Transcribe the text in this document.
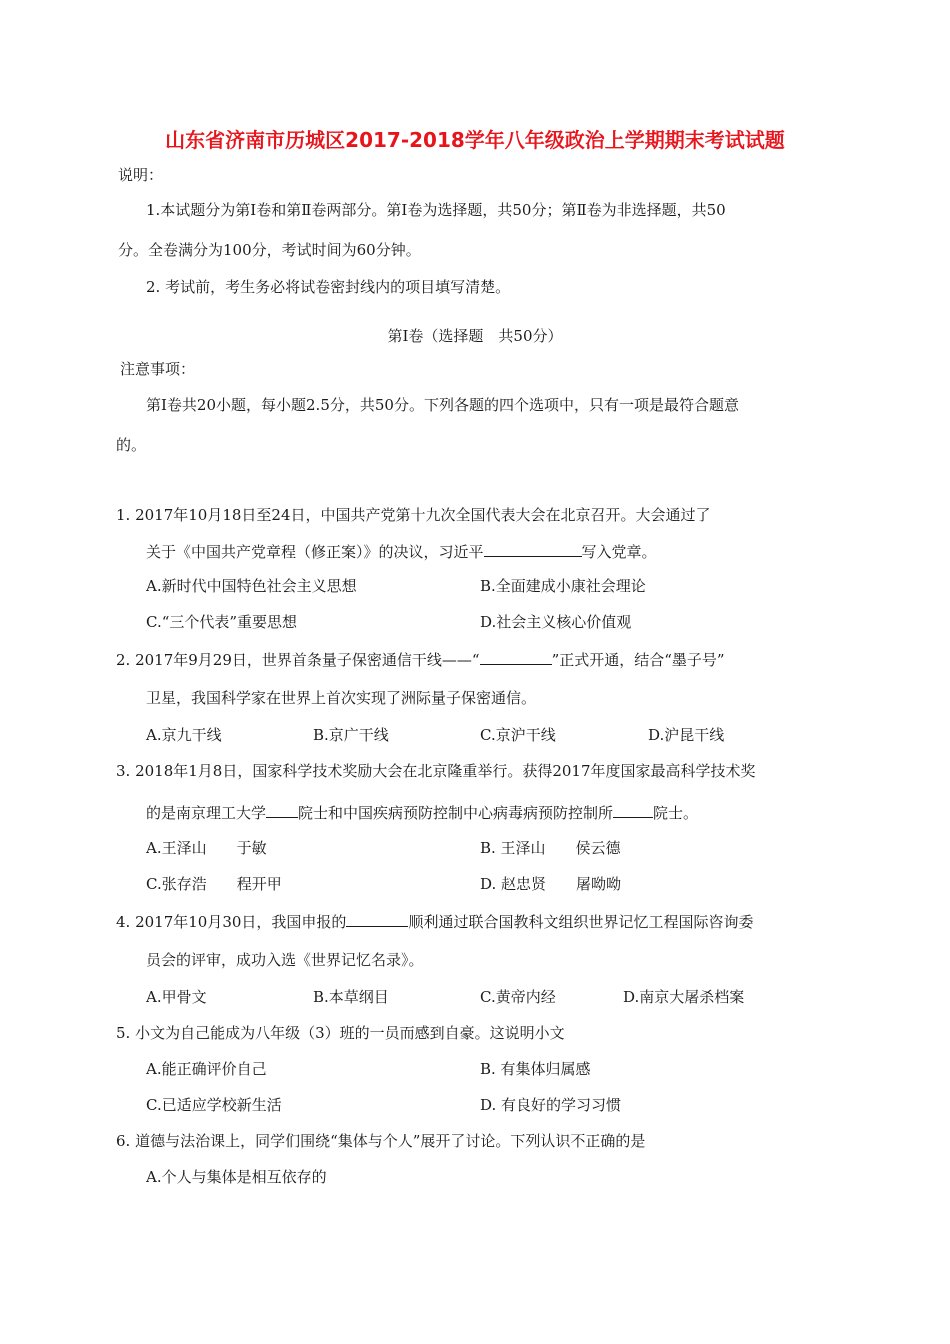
山东省济南市历城区2017-2018学年八年级政治上学期期末考试试题
说明：
1.本试题分为第Ⅰ卷和第Ⅱ卷两部分。第Ⅰ卷为选择题，共50分；第Ⅱ卷为非选择题，共50
分。全卷满分为100分，考试时间为60分钟。
2. 考试前，考生务必将试卷密封线内的项目填写清楚。
第Ⅰ卷（选择题　共50分）
注意事项：
第Ⅰ卷共20小题，每小题2.5分，共50分。下列各题的四个选项中，只有一项是最符合题意
的。
1. 2017年10月18日至24日，中国共产党第十九次全国代表大会在北京召开。大会通过了
关于《中国共产党章程（修正案）》的决议，习近平	写入党章。
A.新时代中国特色社会主义思想	B.全面建成小康社会理论
C.“三个代表”重要思想	D.社会主义核心价值观
2. 2017年9月29日，世界首条量子保密通信干线——“	”正式开通，结合“墨子号”
卫星，我国科学家在世界上首次实现了洲际量子保密通信。
A.京九干线	B.京广干线	C.京沪干线	D.沪昆干线
3. 2018年1月8日，国家科学技术奖励大会在北京隆重举行。获得2017年度国家最高科学技术奖
的是南京理工大学 院士和中国疾病预防控制中心病毒病预防控制所	院士。
A.王泽山　　于敏	B. 王泽山　　侯云德
C.张存浩　　程开甲	D. 赵忠贤　　屠呦呦
4. 2017年10月30日，我国申报的	顺利通过联合国教科文组织世界记忆工程国际咨询委
员会的评审，成功入选《世界记忆名录》。
A.甲骨文	B.本草纲目	C.黄帝内经	D.南京大屠杀档案
5. 小文为自己能成为八年级（3）班的一员而感到自豪。这说明小文
A.能正确评价自己	B. 有集体归属感
C.已适应学校新生活	D. 有良好的学习习惯
6. 道德与法治课上，同学们围绕“集体与个人”展开了讨论。下列认识不正确的是
A.个人与集体是相互依存的
